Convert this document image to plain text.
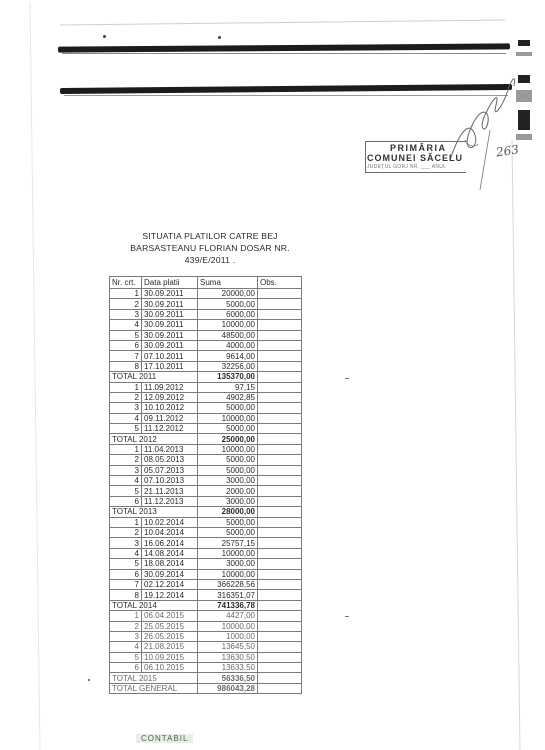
PRIMĂRIA
COMUNEI SĂCELU
JUDEȚUL GORJ NR. ___ ANUL
263
SITUATIA PLATILOR CATRE BEJ
BARSASTEANU FLORIAN DOSAR NR.
439/E/2011 .
Nr. crt.	Data platii	Suma	Obs.
1	30.09.2011	20000,00	
2	30.09.2011	5000,00	
3	30.09.2011	6000,00	
4	30.09.2011	10000,00	
5	30.09.2011	48500,00	
6	30.09.2011	4000,00	
7	07.10.2011	9614,00	
8	17.10.2011	32256,00	
TOTAL 2011		135370,00	
1	11.09.2012	97,15	
2	12.09.2012	4902,85	
3	10.10.2012	5000,00	
4	09.11.2012	10000,00	
5	11.12.2012	5000,00	
TOTAL 2012		25000,00	
1	11.04.2013	10000,00	
2	08.05.2013	5000,00	
3	05.07.2013	5000,00	
4	07.10.2013	3000,00	
5	21.11.2013	2000,00	
6	11.12.2013	3000,00	
TOTAL 2013		28000,00	
1	10.02.2014	5000,00	
2	10.04.2014	5000,00	
3	16.06.2014	25757,15	
4	14.08.2014	10000,00	
5	18.08.2014	3000,00	
6	30.09.2014	10000,00	
7	02.12.2014	366228,56	
8	19.12.2014	316351,07	
TOTAL 2014		741336,78	
1	06.04.2015	4427,00	
2	25.05.2015	10000,00	
3	26.05.2015	1000,00	
4	21.08.2015	13645,50	
5	10.09.2015	13630,50	
6	06.10.2015	13633,50	
TOTAL 2015		56336,50	
TOTAL GENERAL		986043,28	
CONTABIL
